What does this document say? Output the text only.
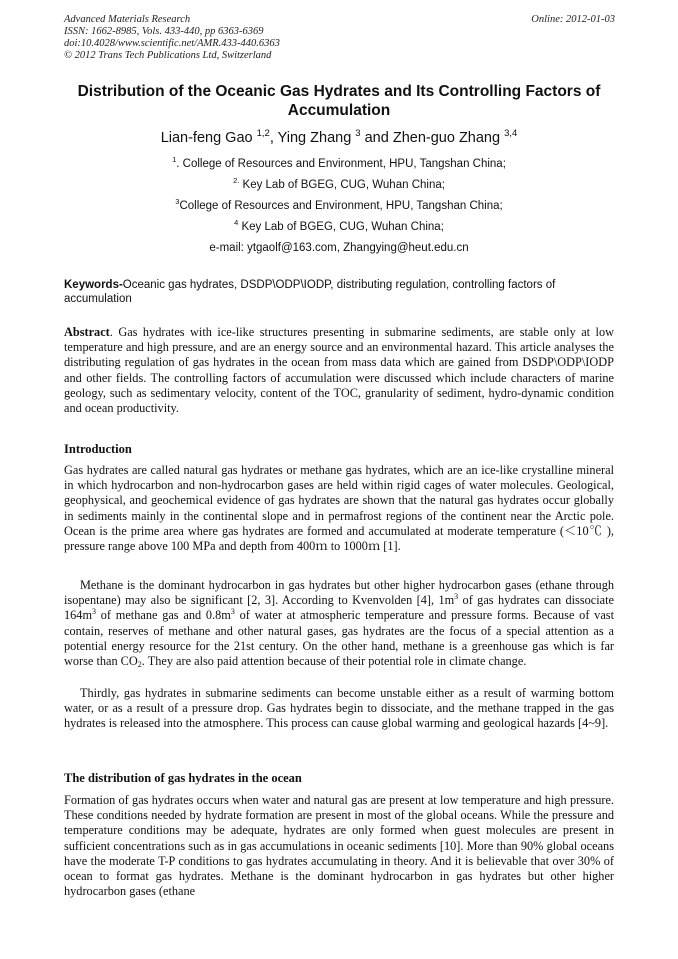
Advanced Materials Research
ISSN: 1662-8985, Vols. 433-440, pp 6363-6369
doi:10.4028/www.scientific.net/AMR.433-440.6363
© 2012 Trans Tech Publications Ltd, Switzerland
Online: 2012-01-03
Distribution of the Oceanic Gas Hydrates and Its Controlling Factors of
Accumulation
Lian-feng Gao $^{1,2}$, Ying Zhang $^3$ and Zhen-guo Zhang $^{3,4}$
$^1$. College of Resources and Environment, HPU, Tangshan China;
$^{2.}$ Key Lab of BGEG, CUG, Wuhan China;
$^3$College of Resources and Environment, HPU, Tangshan China;
$^4$ Key Lab of BGEG, CUG, Wuhan China;
e-mail: ytgaolf@163.com, Zhangying@heut.edu.cn
Keywords-Oceanic gas hydrates, DSDP\ODP\IODP, distributing regulation, controlling factors of accumulation
Abstract. Gas hydrates with ice-like structures presenting in submarine sediments, are stable only at low temperature and high pressure, and are an energy source and an environmental hazard. This article analyses the distributing regulation of gas hydrates in the ocean from mass data which are gained from DSDP\ODP\IODP and other fields. The controlling factors of accumulation were discussed which include characters of marine geology, such as sedimentary velocity, content of the TOC, granularity of sediment, hydro-dynamic condition and ocean productivity.
Introduction
Gas hydrates are called natural gas hydrates or methane gas hydrates, which are an ice-like crystalline mineral in which hydrocarbon and non-hydrocarbon gases are held within rigid cages of water molecules. Geological, geophysical, and geochemical evidence of gas hydrates are shown that the natural gas hydrates occur globally in sediments mainly in the continental slope and in permafrost regions of the continent near the Arctic pole. Ocean is the prime area where gas hydrates are formed and accumulated at moderate temperature (＜10℃ ), pressure range above 100 MPa and depth from 400ｍ to 1000ｍ [1].
Methane is the dominant hydrocarbon in gas hydrates but other higher hydrocarbon gases (ethane through isopentane) may also be significant [2, 3]. According to Kvenvolden [4], $1m^3$ of gas hydrates can dissociate $164m^3$ of methane gas and $0.8m^3$ of water at atmospheric temperature and pressure forms. Because of vast contain, reserves of methane and other natural gases, gas hydrates are the focus of a special attention as a potential energy resource for the 21st century. On the other hand, methane is a greenhouse gas which is far worse than $CO_2$. They are also paid attention because of their potential role in climate change.
Thirdly, gas hydrates in submarine sediments can become unstable either as a result of warming bottom water, or as a result of a pressure drop. Gas hydrates begin to dissociate, and the methane trapped in the gas hydrates is released into the atmosphere. This process can cause global warming and geological hazards [4~9].
The distribution of gas hydrates in the ocean
Formation of gas hydrates occurs when water and natural gas are present at low temperature and high pressure. These conditions needed by hydrate formation are present in most of the global oceans. While the pressure and temperature conditions may be adequate, hydrates are only formed when guest molecules are present in sufficient concentrations such as in gas accumulations in oceanic sediments [10]. More than 90% global oceans have the moderate T-P conditions to gas hydrates accumulating in theory. And it is believable that over 30% of ocean to format gas hydrates. Methane is the dominant hydrocarbon in gas hydrates but other higher hydrocarbon gases (ethane
